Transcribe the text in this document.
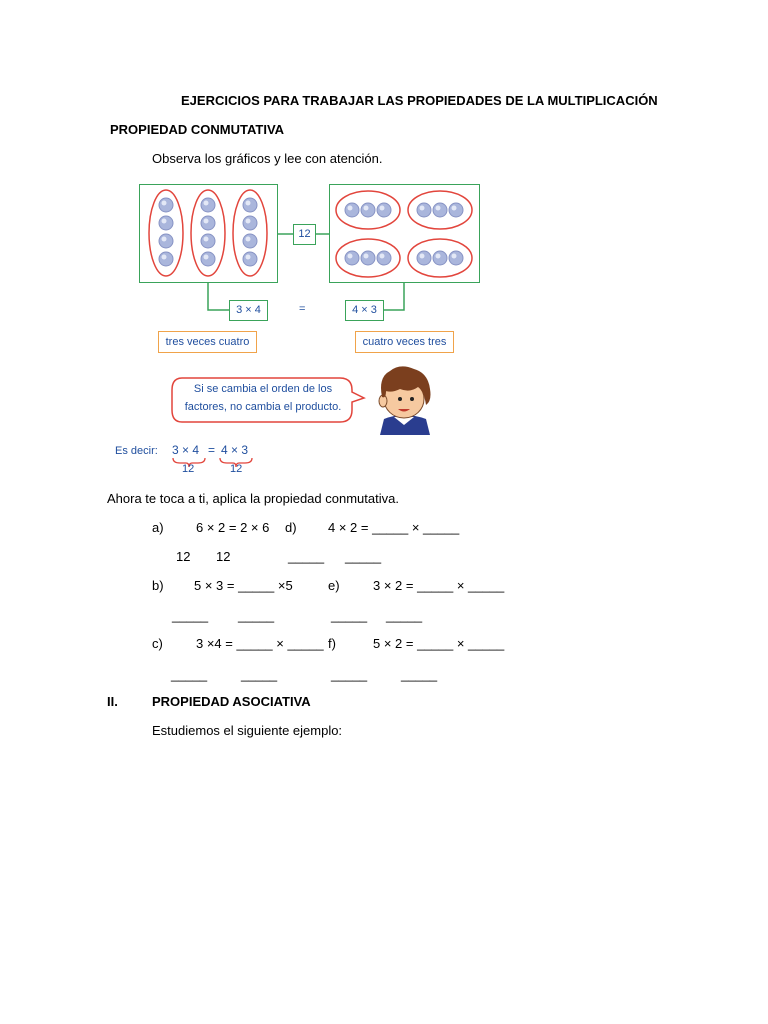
EJERCICIOS PARA TRABAJAR LAS PROPIEDADES DE LA MULTIPLICACIÓN
PROPIEDAD CONMUTATIVA
Observa los gráficos y lee con atención.
12
3 × 4	=	4 × 3
tres veces cuatro	cuatro veces tres
Si se cambia el orden de los
factores, no cambia el producto.
Es decir: 3 × 4 = 4 × 3
12	12
Ahora te toca a ti, aplica la propiedad conmutativa.
a) 6 × 2 = 2 × 6 d) 4 × 2 = _____ × _____
12 12	_____ _____
b) 5 × 3 = _____ ×5	e)	3 × 2 = _____ × _____
_____ _____	_____ _____
c)	3 ×4 = _____ × _____ f)	5 × 2 = _____ × _____
_____	_____	_____	_____
II.	PROPIEDAD ASOCIATIVA
Estudiemos el siguiente ejemplo:
